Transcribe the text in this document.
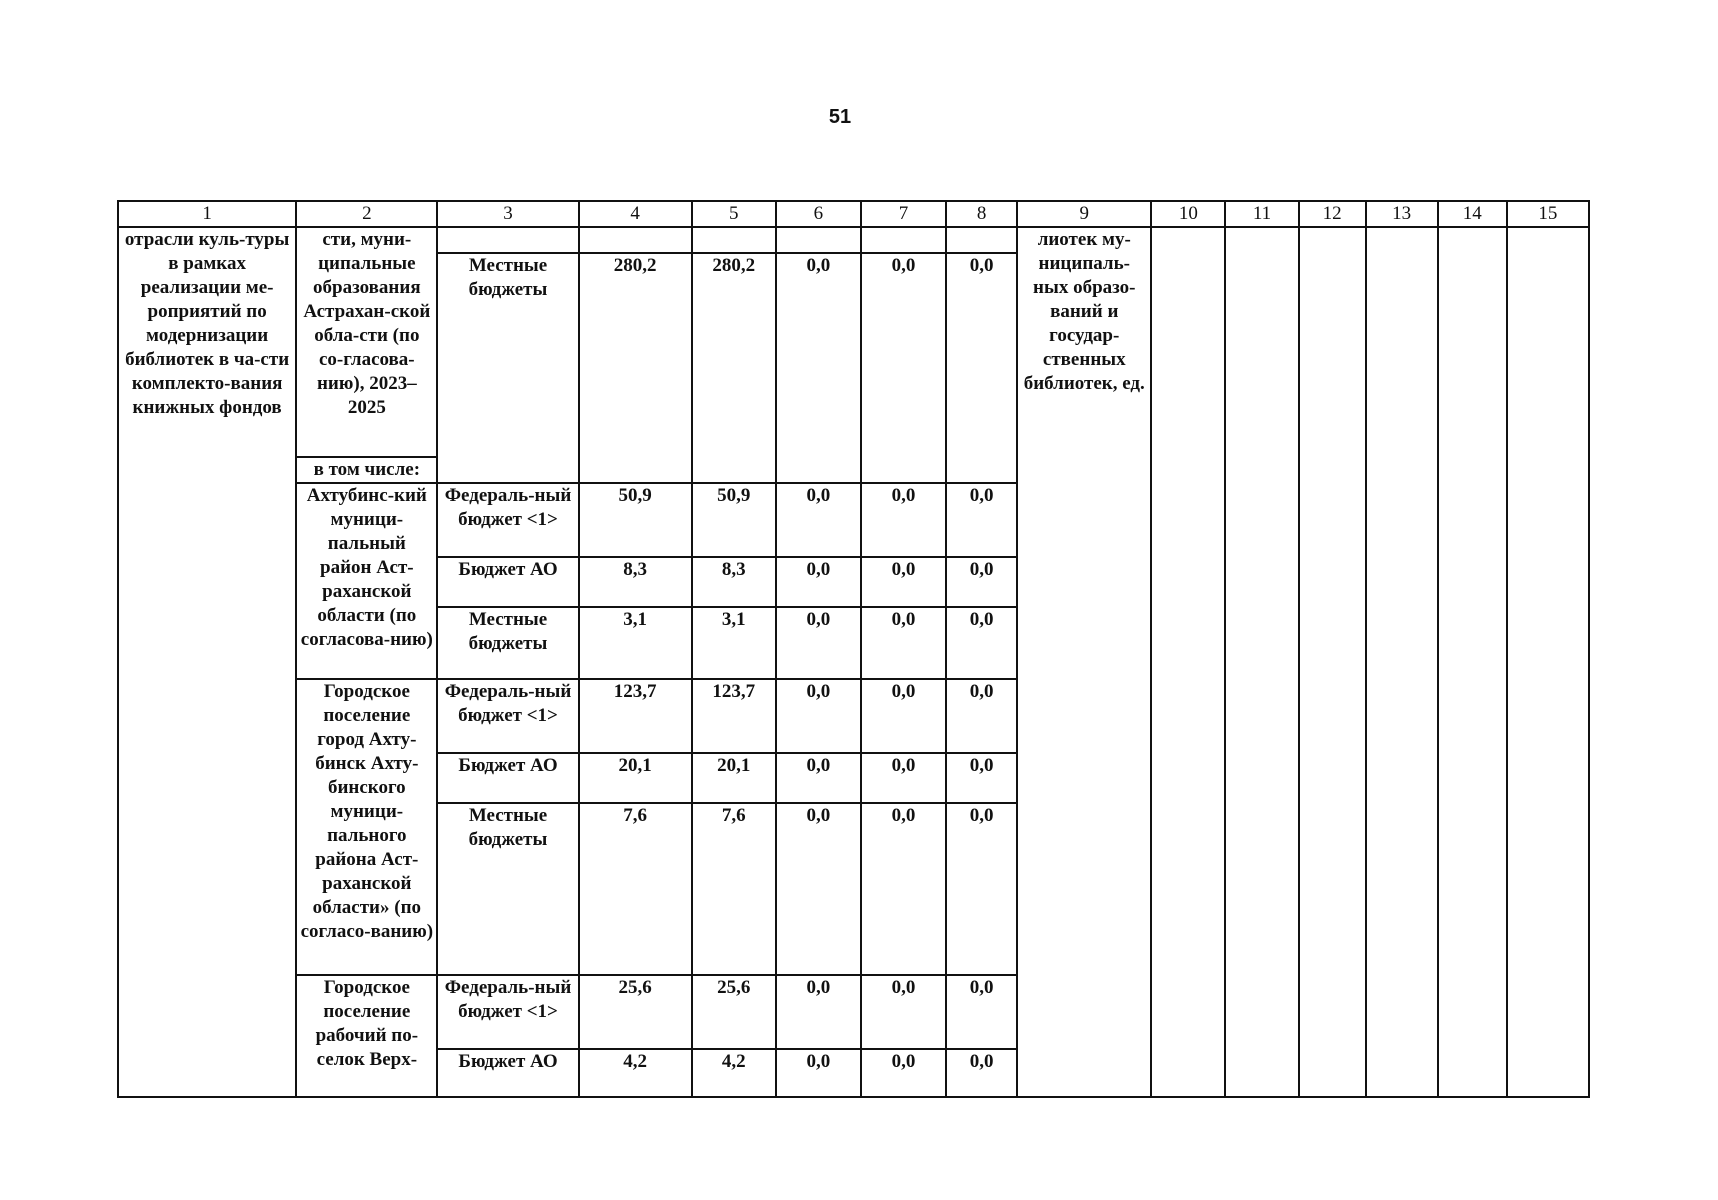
51
1	2	3	4	5	6	7	8	9	10	11	12	13	14	15
отрасли куль-туры в рамках реализации ме-роприятий по модернизации библиотек в ча-сти комплекто-вания книжных фондов	сти, муни-ципальные образования Астрахан-ской обла-сти (по со-гласова-нию), 2023–2025							лиотек му-ниципаль-ных образо-ваний и государ-ственных библиотек, ед.						
		Местные бюджеты	280,2	280,2	0,0	0,0	0,0							
	в том числе:													
	Ахтубинс-кий муници-пальный район Аст-раханской области (по согласова-нию)	Федераль-ный бюджет <1>	50,9	50,9	0,0	0,0	0,0							
		Бюджет АО	8,3	8,3	0,0	0,0	0,0							
		Местные бюджеты	3,1	3,1	0,0	0,0	0,0							
	Городское поселение город Ахту-бинск Ахту-бинского муници-пального района Аст-раханской области» (по согласо-ванию)	Федераль-ный бюджет <1>	123,7	123,7	0,0	0,0	0,0							
		Бюджет АО	20,1	20,1	0,0	0,0	0,0							
		Местные бюджеты	7,6	7,6	0,0	0,0	0,0							
	Городское поселение рабочий по-селок Верх-	Федераль-ный бюджет <1>	25,6	25,6	0,0	0,0	0,0							
		Бюджет АО	4,2	4,2	0,0	0,0	0,0							
